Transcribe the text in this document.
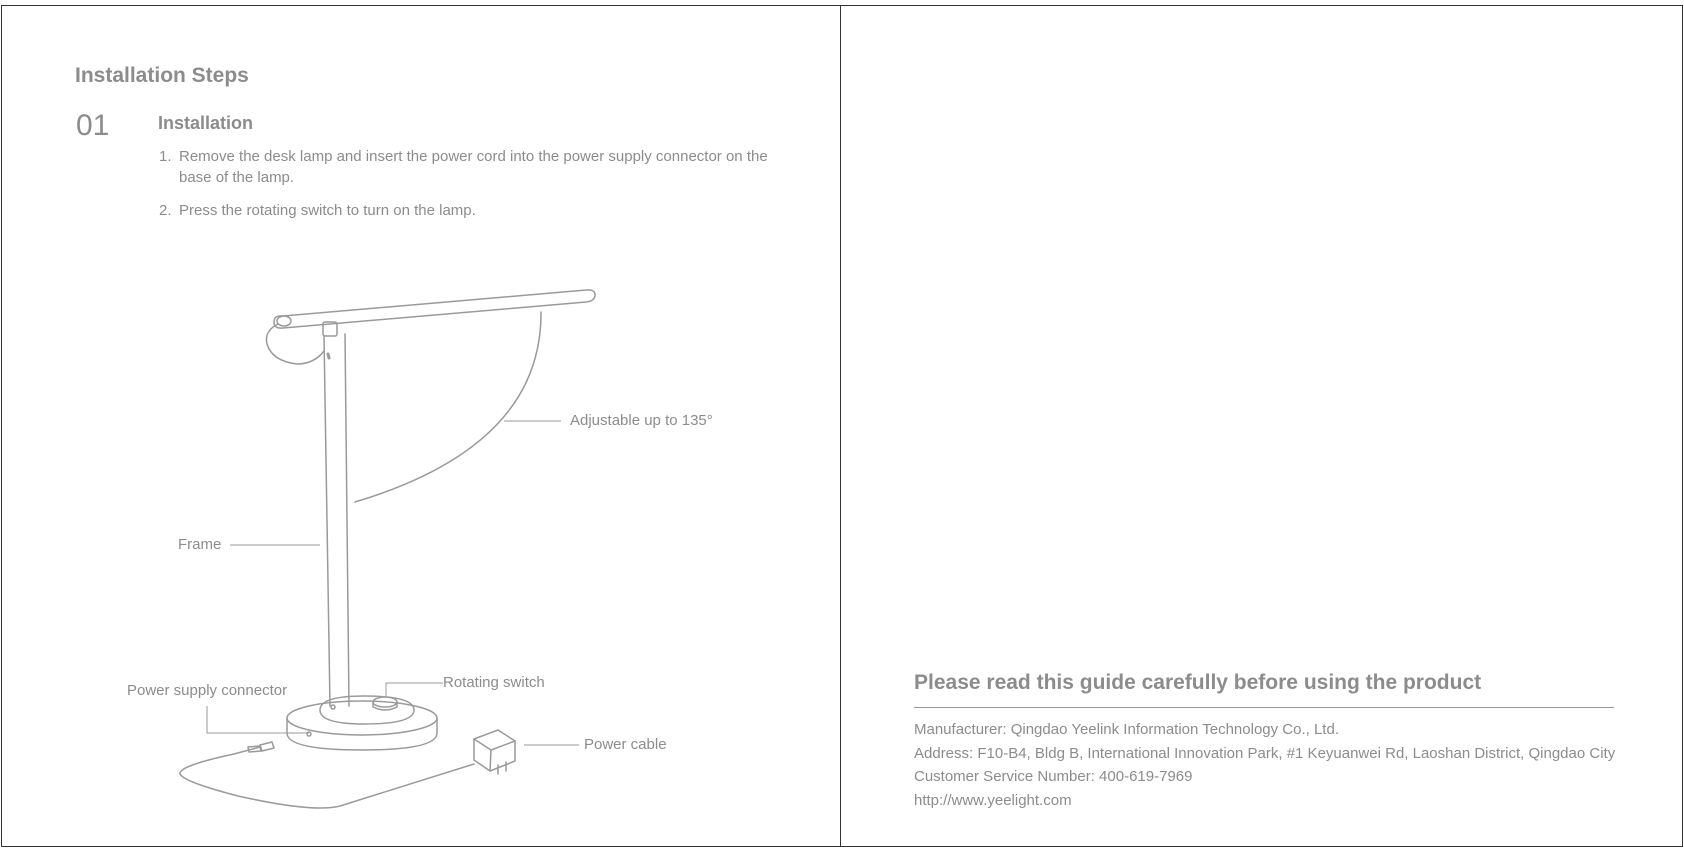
Installation Steps
01	Installation
1. Remove the desk lamp and insert the power cord into the power supply connector on the base of the lamp.
2. Press the rotating switch to turn on the lamp.
Adjustable up to 135°
Frame
Power supply connector	Rotating switch
Power cable
Please read this guide carefully before using the product
Manufacturer: Qingdao Yeelink Information Technology Co., Ltd.
Address: F10-B4, Bldg B, International Innovation Park, #1 Keyuanwei Rd, Laoshan District, Qingdao City
Customer Service Number: 400-619-7969
http://www.yeelight.com
